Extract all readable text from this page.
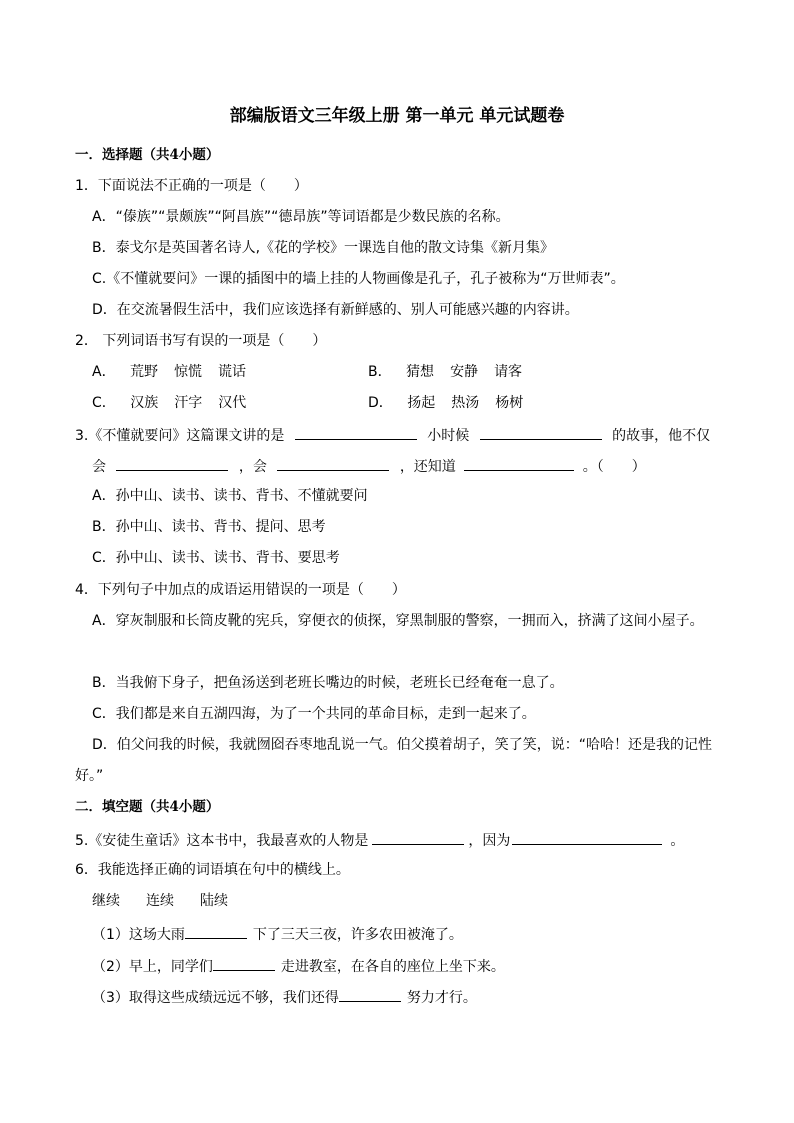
部编版语文三年级上册 第一单元 单元试题卷
一．选择题（共4小题）
1．下面说法不正确的一项是（　　）
A．“傣族”“景颇族”“阿昌族”“德昂族”等词语都是少数民族的名称。
B．泰戈尔是英国著名诗人,《花的学校》一课选自他的散文诗集《新月集》
C.《不懂就要问》一课的插图中的墙上挂的人物画像是孔子，孔子被称为“万世师表”。
D．在交流暑假生活中，我们应该选择有新鲜感的、别人可能感兴趣的内容讲。
2． 下列词语书写有误的一项是（　　）
A． 荒野 惊慌 谎话	B． 猜想 安静 请客
C． 汉族 汗字 汉代	D． 扬起 热汤 杨树
3.《不懂就要问》这篇课文讲的是	小时候	的故事，他不仅
会	，会	，还知道	。（　　）
A．孙中山、读书、读书、背书、不懂就要问
B．孙中山、读书、背书、提问、思考
C．孙中山、读书、读书、背书、要思考
4．下列句子中加点的成语运用错误的一项是（　　）
A．穿灰制服和长筒皮靴的宪兵，穿便衣的侦探，穿黑制服的警察，一拥而入，挤满了这间小屋子。
B．当我俯下身子，把鱼汤送到老班长嘴边的时候，老班长已经奄奄一息了。
C．我们都是来自五湖四海，为了一个共同的革命目标，走到一起来了。
D．伯父问我的时候，我就囫囵吞枣地乱说一气。伯父摸着胡子，笑了笑，说：“哈哈！还是我的记性
好。”
二．填空题（共4小题）
5.《安徒生童话》这本书中，我最喜欢的人物是	，因为	。
6．我能选择正确的词语填在句中的横线上。
继续 连续 陆续
（1）这场大雨	下了三天三夜，许多农田被淹了。
（2）早上，同学们	走进教室，在各自的座位上坐下来。
（3）取得这些成绩远远不够，我们还得	努力才行。
